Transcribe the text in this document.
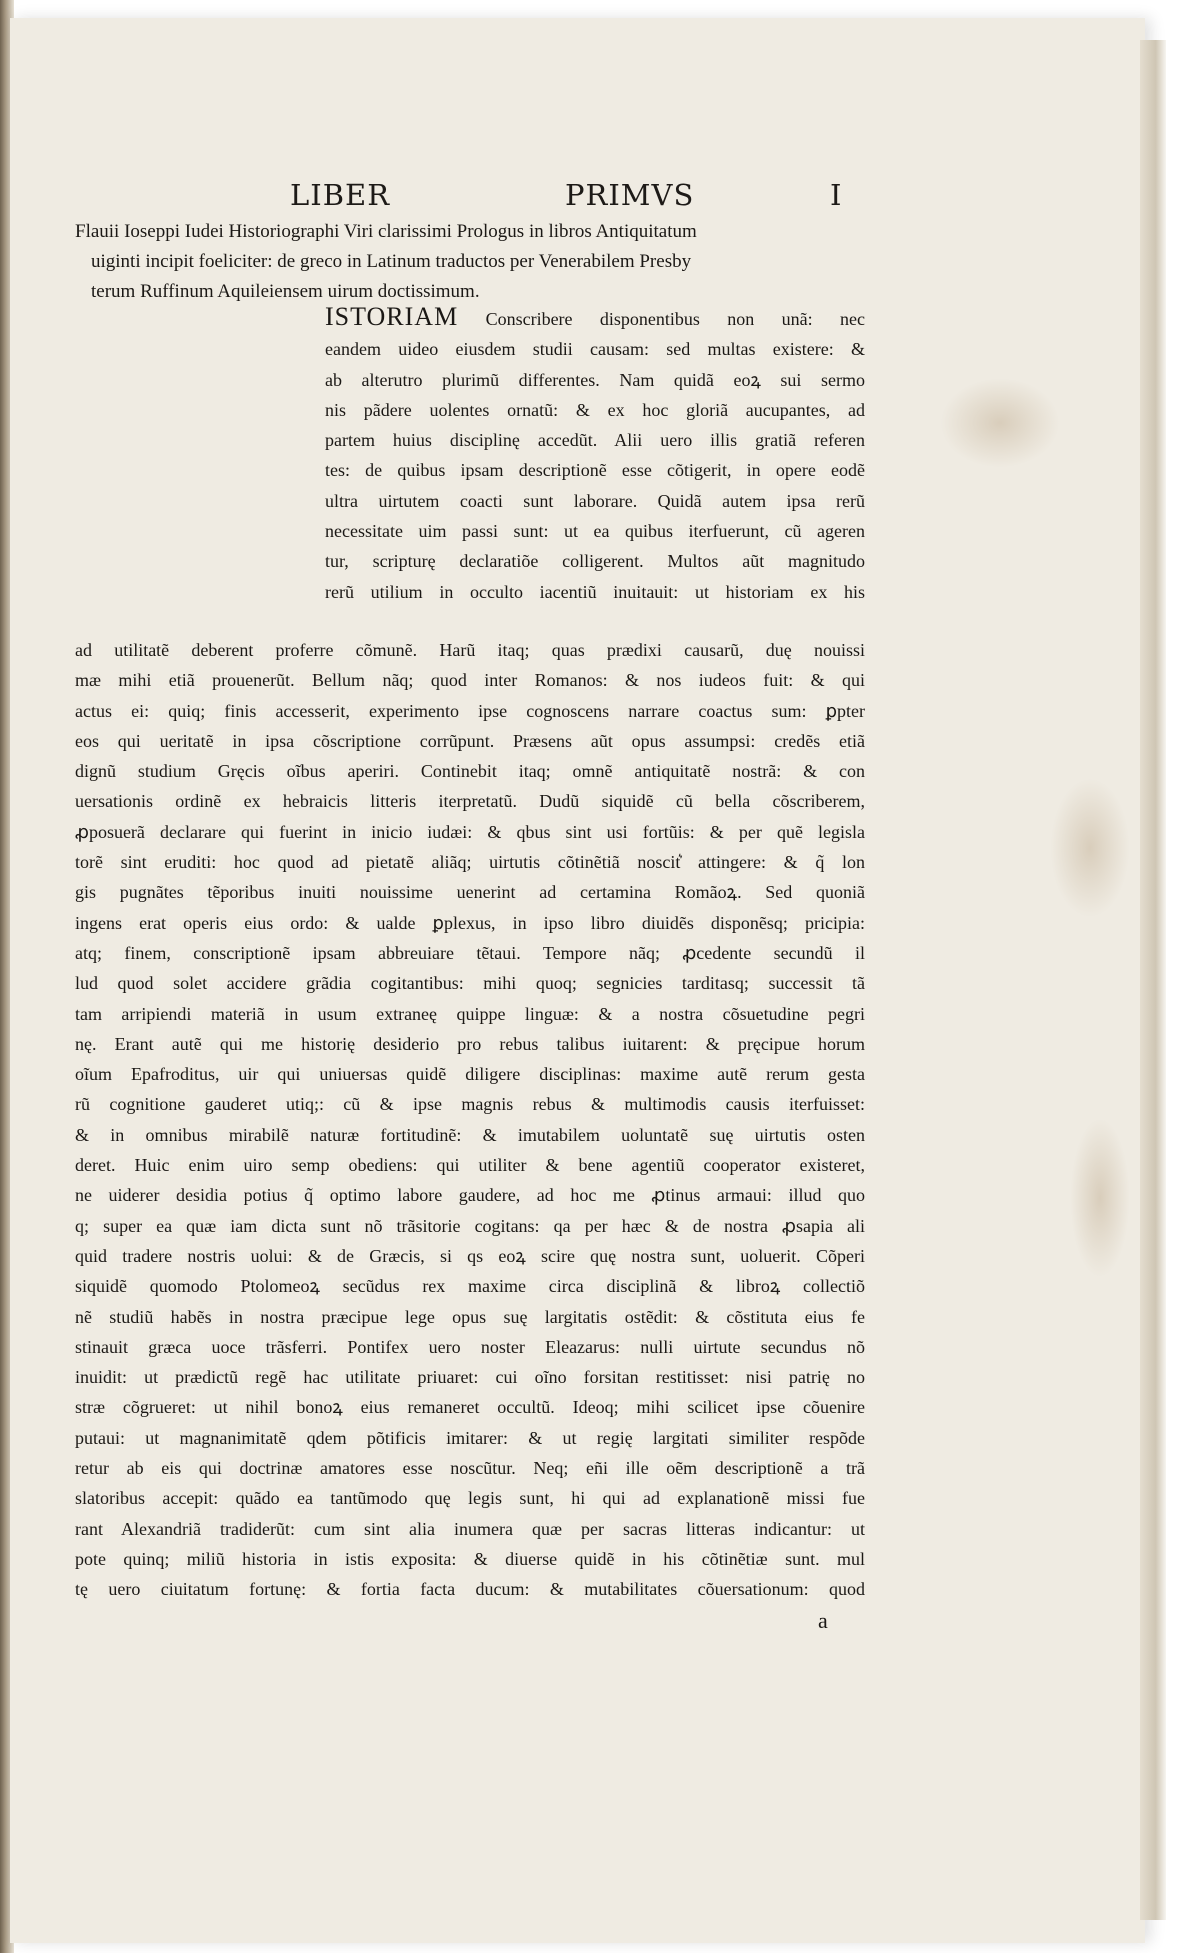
LIBER	PRIMVS	I
Flauii Iosеppi Iudei Historiographi Viri clarissimi Prologus in libros Antiquitatum
uiginti incipit foeliciter: de greco in Latinum traductos per Venerabilem Presby
terum Ruffinum Aquileiensem uirum doctissimum.
ISTORIAM Conscribere disponentibus non unã: nec
eandem uideo eiusdem studii causam: sed multas existere: &
ab alterutro plurimũ differentes. Nam quidã eoꝝ sui sermo
nis pãdere uolentes ornatũ: & ex hoc gloriã aucupantes, ad
partem huius disciplinę accedũt. Alii uero illis gratiã referen
tes: de quibus ipsam descriptionẽ esse cõtigerit, in opere eodẽ
ultra uirtutem coacti sunt laborare. Quidã autem ipsa rerũ
necessitate uim passi sunt: ut ea quibus iterfuerunt, cũ ageren
tur, scripturę declaratiõe colligerent. Multos aũt magnitudo
rerũ utilium in occulto iacentiũ inuitauit: ut historiam ex his
ad utilitatẽ deberent proferre cõmunẽ. Harũ itaq; quas prædixi causarũ, duę nouissi
mæ mihi etiã prouenerũt. Bellum nãq; quod inter Romanos: & nos iudeos fuit: & qui
actus ei: quiq; finis accesserit, experimento ipse cognoscens narrare coactus sum: ꝑpter
eos qui ueritatẽ in ipsa cõscriptione corrũpunt. Præsens aũt opus assumpsi: credẽs etiã
dignũ studium Gręcis oĩbus aperiri. Continebit itaq; omnẽ antiquitatẽ nostrã: & con
uersationis ordinẽ ex hebraicis litteris iterpretatũ. Dudũ siquidẽ cũ bella cõscriberem,
ꝓposuerã declarare qui fuerint in inicio iudæi: & qbus sint usi fortũis: & per quẽ legisla
torẽ sint eruditi: hoc quod ad pietatẽ aliãq; uirtutis cõtinẽtiã noscit͛ attingere: & q̃ lon
gis pugnãtes tẽporibus inuiti nouissime uenerint ad certamina Romãoꝝ. Sed quoniã
ingens erat operis eius ordo: & ualde ꝑplexus, in ipso libro diuidẽs disponẽsq; pricipia:
atq; finem, conscriptionẽ ipsam abbreuiare tẽtaui. Tempore nãq; ꝓcedente secundũ il
lud quod solet accidere grãdia cogitantibus: mihi quoq; segnicies tarditasq; successit tã
tam arripiendi materiã in usum extraneę quippe linguæ: & a nostra cõsuetudine pegri
nę. Erant autẽ qui me historię desiderio pro rebus talibus iuitarent: & pręcipue horum
oĩum Epafroditus, uir qui uniuersas quidẽ diligere disciplinas: maxime autẽ rerum gesta
rũ cognitione gauderet utiq;: cũ & ipse magnis rebus & multimodis causis iterfuisset:
& in omnibus mirabilẽ naturæ fortitudinẽ: & imutabilem uoluntatẽ suę uirtutis osten
deret. Huic enim uiro semp obediens: qui utiliter & bene agentiũ cooperator existeret,
ne uiderer desidia potius q̃ optimo labore gaudere, ad hoc me ꝓtinus armaui: illud quo
q; super ea quæ iam dicta sunt nõ trãsitorie cogitans: qa per hæc & de nostra ꝓsapia ali
quid tradere nostris uolui: & de Græcis, si qs eoꝝ scire quę nostra sunt, uoluerit. Cõperi
siquidẽ quomodo Ptolomeoꝝ secũdus rex maxime circa disciplinã & libroꝝ collectiõ
nẽ studiũ habẽs in nostra præcipue lege opus suę largitatis ostẽdit: & cõstituta eius fe
stinauit græca uoce trãsferri. Pontifex uero noster Eleazarus: nulli uirtute secundus nõ
inuidit: ut prædictũ regẽ hac utilitate priuaret: cui oĩno forsitan restitisset: nisi patrię no
stræ cõgrueret: ut nihil bonoꝝ eius remaneret occultũ. Ideoq; mihi scilicet ipse cõuenire
putaui: ut magnanimitatẽ qdem põtificis imitarer: & ut regię largitati similiter respõde
retur ab eis qui doctrinæ amatores esse noscũtur. Neq; eñi ille oẽm descriptionẽ a trã
slatoribus accepit: quãdo ea tantũmodo quę legis sunt, hi qui ad explanationẽ missi fue
rant Alexandriã tradiderũt: cum sint alia inumera quæ per sacras litteras indicantur: ut
pote quinq; miliũ historia in istis exposita: & diuerse quidẽ in his cõtinẽtiæ sunt. mul
tę uero ciuitatum fortunę: & fortia facta ducum: & mutabilitates cõuersationum: quod
a
